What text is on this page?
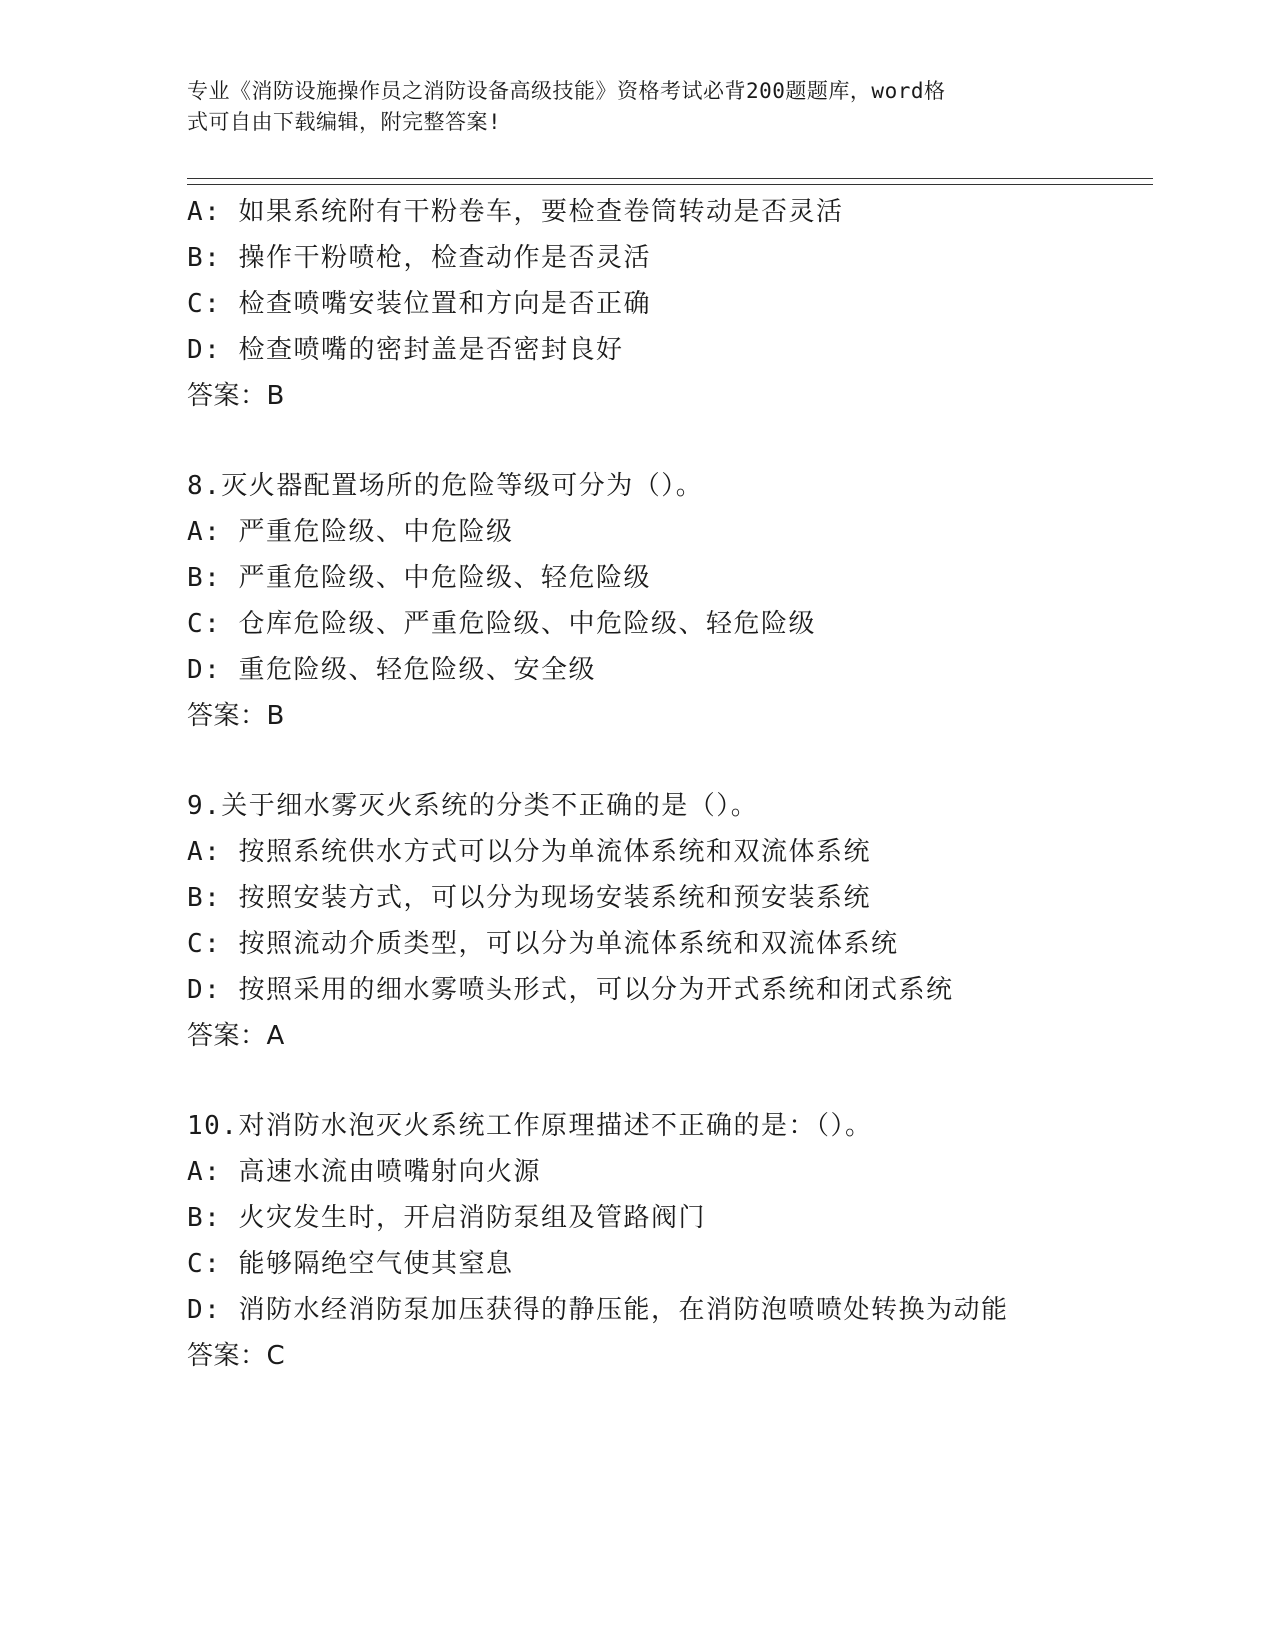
专业《消防设施操作员之消防设备高级技能》资格考试必背200题题库，word格
式可自由下载编辑，附完整答案!
A: 如果系统附有干粉卷车，要检查卷筒转动是否灵活
B: 操作干粉喷枪，检查动作是否灵活
C: 检查喷嘴安装位置和方向是否正确
D: 检查喷嘴的密封盖是否密封良好
答案：B
8.灭火器配置场所的危险等级可分为（）。
A: 严重危险级、中危险级
B: 严重危险级、中危险级、轻危险级
C: 仓库危险级、严重危险级、中危险级、轻危险级
D: 重危险级、轻危险级、安全级
答案：B
9.关于细水雾灭火系统的分类不正确的是（）。
A: 按照系统供水方式可以分为单流体系统和双流体系统
B: 按照安装方式，可以分为现场安装系统和预安装系统
C: 按照流动介质类型，可以分为单流体系统和双流体系统
D: 按照采用的细水雾喷头形式，可以分为开式系统和闭式系统
答案：A
10.对消防水泡灭火系统工作原理描述不正确的是：（）。
A: 高速水流由喷嘴射向火源
B: 火灾发生时，开启消防泵组及管路阀门
C: 能够隔绝空气使其窒息
D: 消防水经消防泵加压获得的静压能，在消防泡喷喷处转换为动能
答案：C
